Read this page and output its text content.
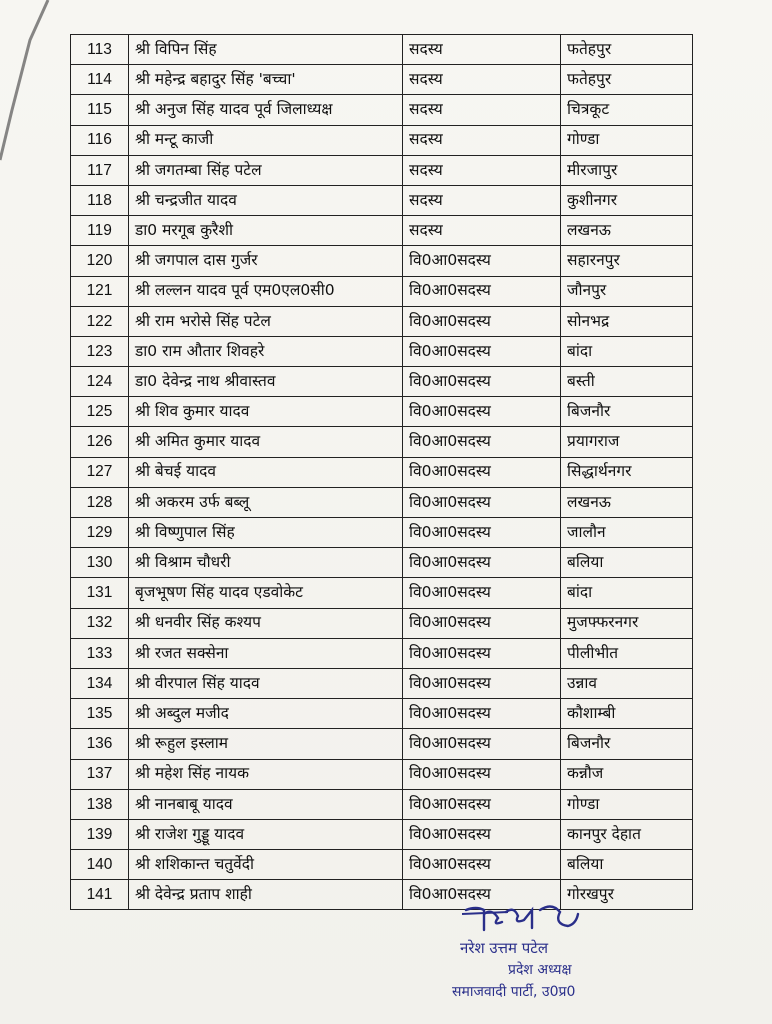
113	श्री विपिन सिंह	सदस्य	फतेहपुर
114	श्री महेन्द्र बहादुर सिंह 'बच्चा'	सदस्य	फतेहपुर
115	श्री अनुज सिंह यादव पूर्व जिलाध्यक्ष	सदस्य	चित्रकूट
116	श्री मन्टू काजी	सदस्य	गोण्डा
117	श्री जगतम्बा सिंह पटेल	सदस्य	मीरजापुर
118	श्री चन्द्रजीत यादव	सदस्य	कुशीनगर
119	डा0 मरगूब कुरैशी	सदस्य	लखनऊ
120	श्री जगपाल दास गुर्जर	वि0आ0सदस्य	सहारनपुर
121	श्री लल्लन यादव पूर्व एम0एल0सी0	वि0आ0सदस्य	जौनपुर
122	श्री राम भरोसे सिंह पटेल	वि0आ0सदस्य	सोनभद्र
123	डा0 राम औतार शिवहरे	वि0आ0सदस्य	बांदा
124	डा0 देवेन्द्र नाथ श्रीवास्तव	वि0आ0सदस्य	बस्ती
125	श्री शिव कुमार यादव	वि0आ0सदस्य	बिजनौर
126	श्री अमित कुमार यादव	वि0आ0सदस्य	प्रयागराज
127	श्री बेचई यादव	वि0आ0सदस्य	सिद्धार्थनगर
128	श्री अकरम उर्फ बब्लू	वि0आ0सदस्य	लखनऊ
129	श्री विष्णुपाल सिंह	वि0आ0सदस्य	जालौन
130	श्री विश्राम चौधरी	वि0आ0सदस्य	बलिया
131	बृजभूषण सिंह यादव एडवोकेट	वि0आ0सदस्य	बांदा
132	श्री धनवीर सिंह कश्यप	वि0आ0सदस्य	मुजफ्फरनगर
133	श्री रजत सक्सेना	वि0आ0सदस्य	पीलीभीत
134	श्री वीरपाल सिंह यादव	वि0आ0सदस्य	उन्नाव
135	श्री अब्दुल मजीद	वि0आ0सदस्य	कौशाम्बी
136	श्री रूहुल इस्लाम	वि0आ0सदस्य	बिजनौर
137	श्री महेश सिंह नायक	वि0आ0सदस्य	कन्नौज
138	श्री नानबाबू यादव	वि0आ0सदस्य	गोण्डा
139	श्री राजेश गुड्डू यादव	वि0आ0सदस्य	कानपुर देहात
140	श्री शशिकान्त चतुर्वेदी	वि0आ0सदस्य	बलिया
141	श्री देवेन्द्र प्रताप शाही	वि0आ0सदस्य	गोरखपुर
नरेश उत्तम पटेल
प्रदेश अध्यक्ष
समाजवादी पार्टी, उ0प्र0
